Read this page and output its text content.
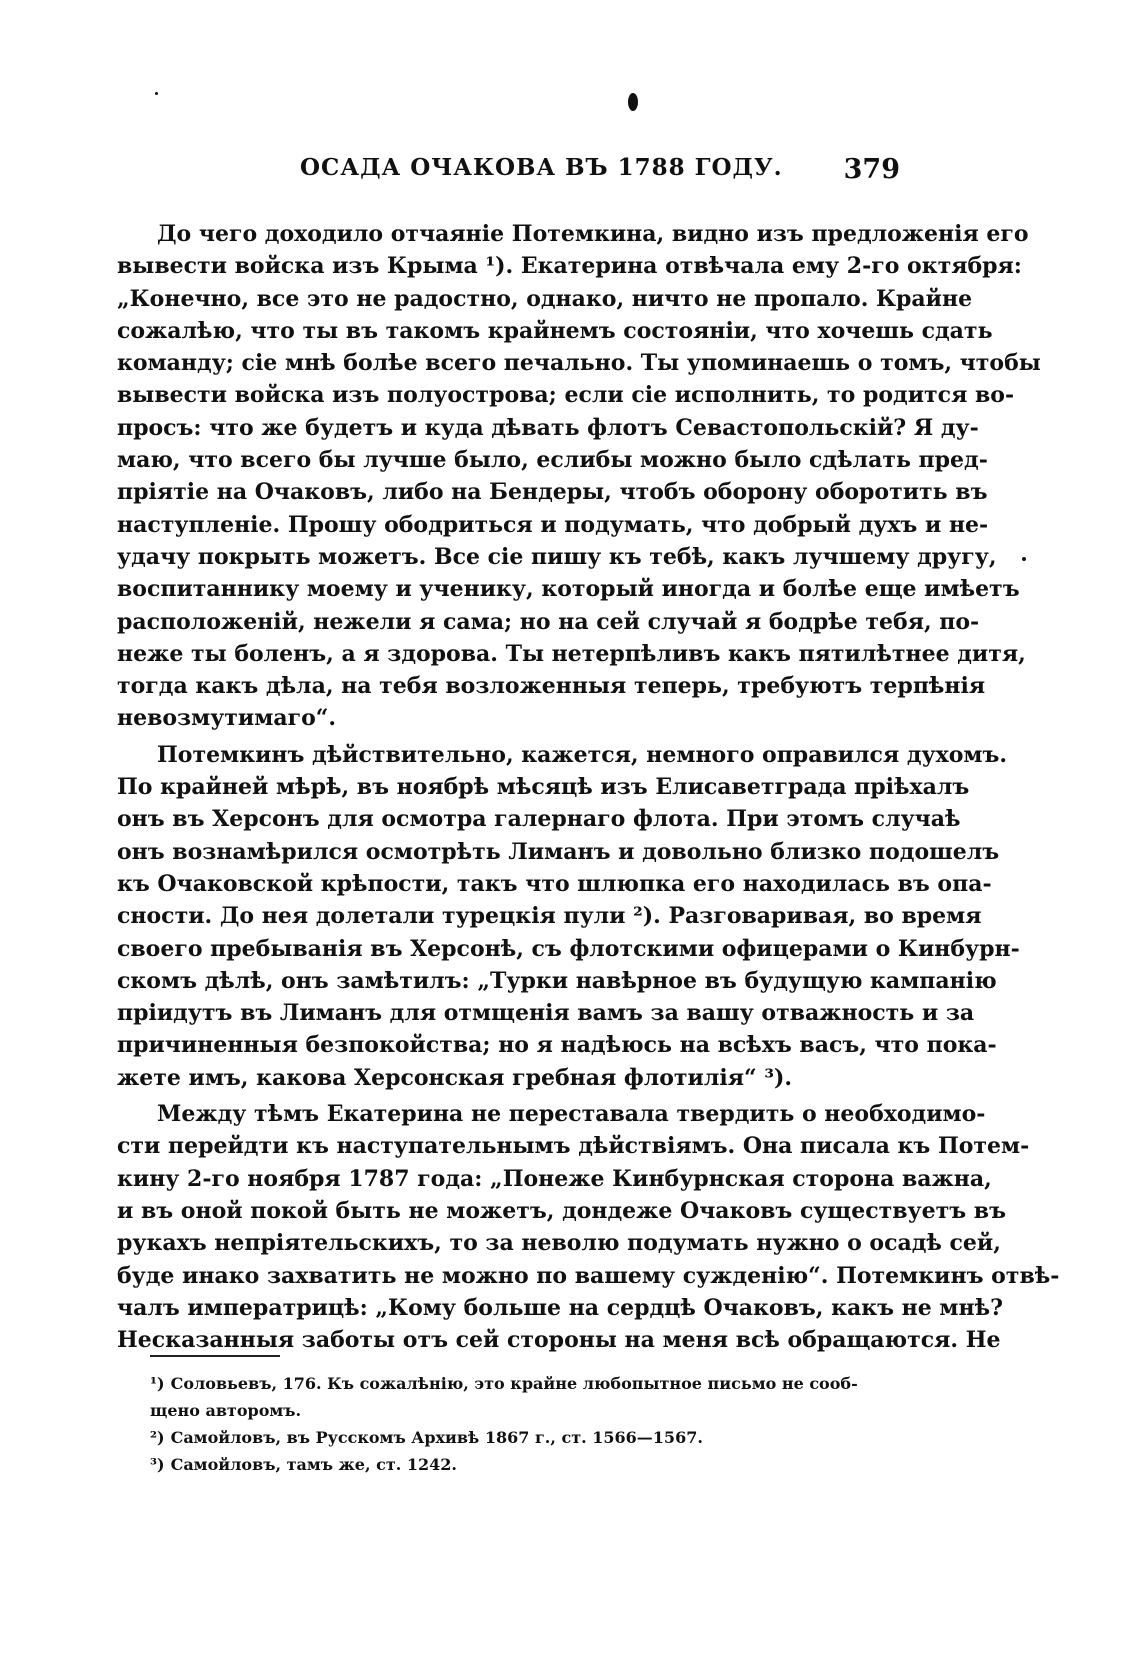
ОСАДА ОЧАКОВА ВЪ 1788 ГОДУ. 379
До чего доходило отчаяніе Потемкина, видно изъ предложенія его
вывести войска изъ Крыма ¹). Екатерина отвѣчала ему 2-го октября:
„Конечно, все это не радостно, однако, ничто не пропало. Крайне
сожалѣю, что ты въ такомъ крайнемъ состояніи, что хочешь сдать
команду; сіе мнѣ болѣе всего печально. Ты упоминаешь о томъ, чтобы
вывести войска изъ полуострова; если сіе исполнить, то родится во-
просъ: что же будетъ и куда дѣвать флотъ Севастопольскій? Я ду-
маю, что всего бы лучше было, еслибы можно было сдѣлать пред-
пріятіе на Очаковъ, либо на Бендеры, чтобъ оборону оборотить въ
наступленіе. Прошу ободриться и подумать, что добрый духъ и не-
удачу покрыть можетъ. Все сіе пишу къ тебѣ, какъ лучшему другу,
воспитаннику моему и ученику, который иногда и болѣе еще имѣетъ
расположеній, нежели я сама; но на сей случай я бодрѣе тебя, по-
неже ты боленъ, а я здорова. Ты нетерпѣливъ какъ пятилѣтнее дитя,
тогда какъ дѣла, на тебя возложенныя теперь, требуютъ терпѣнія
невозмутимаго“.
Потемкинъ дѣйствительно, кажется, немного оправился духомъ.
По крайней мѣрѣ, въ ноябрѣ мѣсяцѣ изъ Елисаветграда пріѣхалъ
онъ въ Херсонъ для осмотра галернаго флота. При этомъ случаѣ
онъ вознамѣрился осмотрѣть Лиманъ и довольно близко подошелъ
къ Очаковской крѣпости, такъ что шлюпка его находилась въ опа-
сности. До нея долетали турецкія пули ²). Разговаривая, во время
своего пребыванія въ Херсонѣ, съ флотскими офицерами о Кинбурн-
скомъ дѣлѣ, онъ замѣтилъ: „Турки навѣрное въ будущую кампанію
пріидутъ въ Лиманъ для отмщенія вамъ за вашу отважность и за
причиненныя безпокойства; но я надѣюсь на всѣхъ васъ, что пока-
жете имъ, какова Херсонская гребная флотилія“ ³).
Между тѣмъ Екатерина не переставала твердить о необходимо-
сти перейдти къ наступательнымъ дѣйствіямъ. Она писала къ Потем-
кину 2-го ноября 1787 года: „Понеже Кинбурнская сторона важна,
и въ оной покой быть не можетъ, дондеже Очаковъ существуетъ въ
рукахъ непріятельскихъ, то за неволю подумать нужно о осадѣ сей,
буде инако захватить не можно по вашему сужденію“. Потемкинъ отвѣ-
чалъ императрицѣ: „Кому больше на сердцѣ Очаковъ, какъ не мнѣ?
Несказанныя заботы отъ сей стороны на меня всѣ обращаются. Не
¹) Соловьевъ, 176. Къ сожалѣнію, это крайне любопытное письмо не сооб-
щено авторомъ.
²) Самойловъ, въ Русскомъ Архивѣ 1867 г., ст. 1566—1567.
³) Самойловъ, тамъ же, ст. 1242.
